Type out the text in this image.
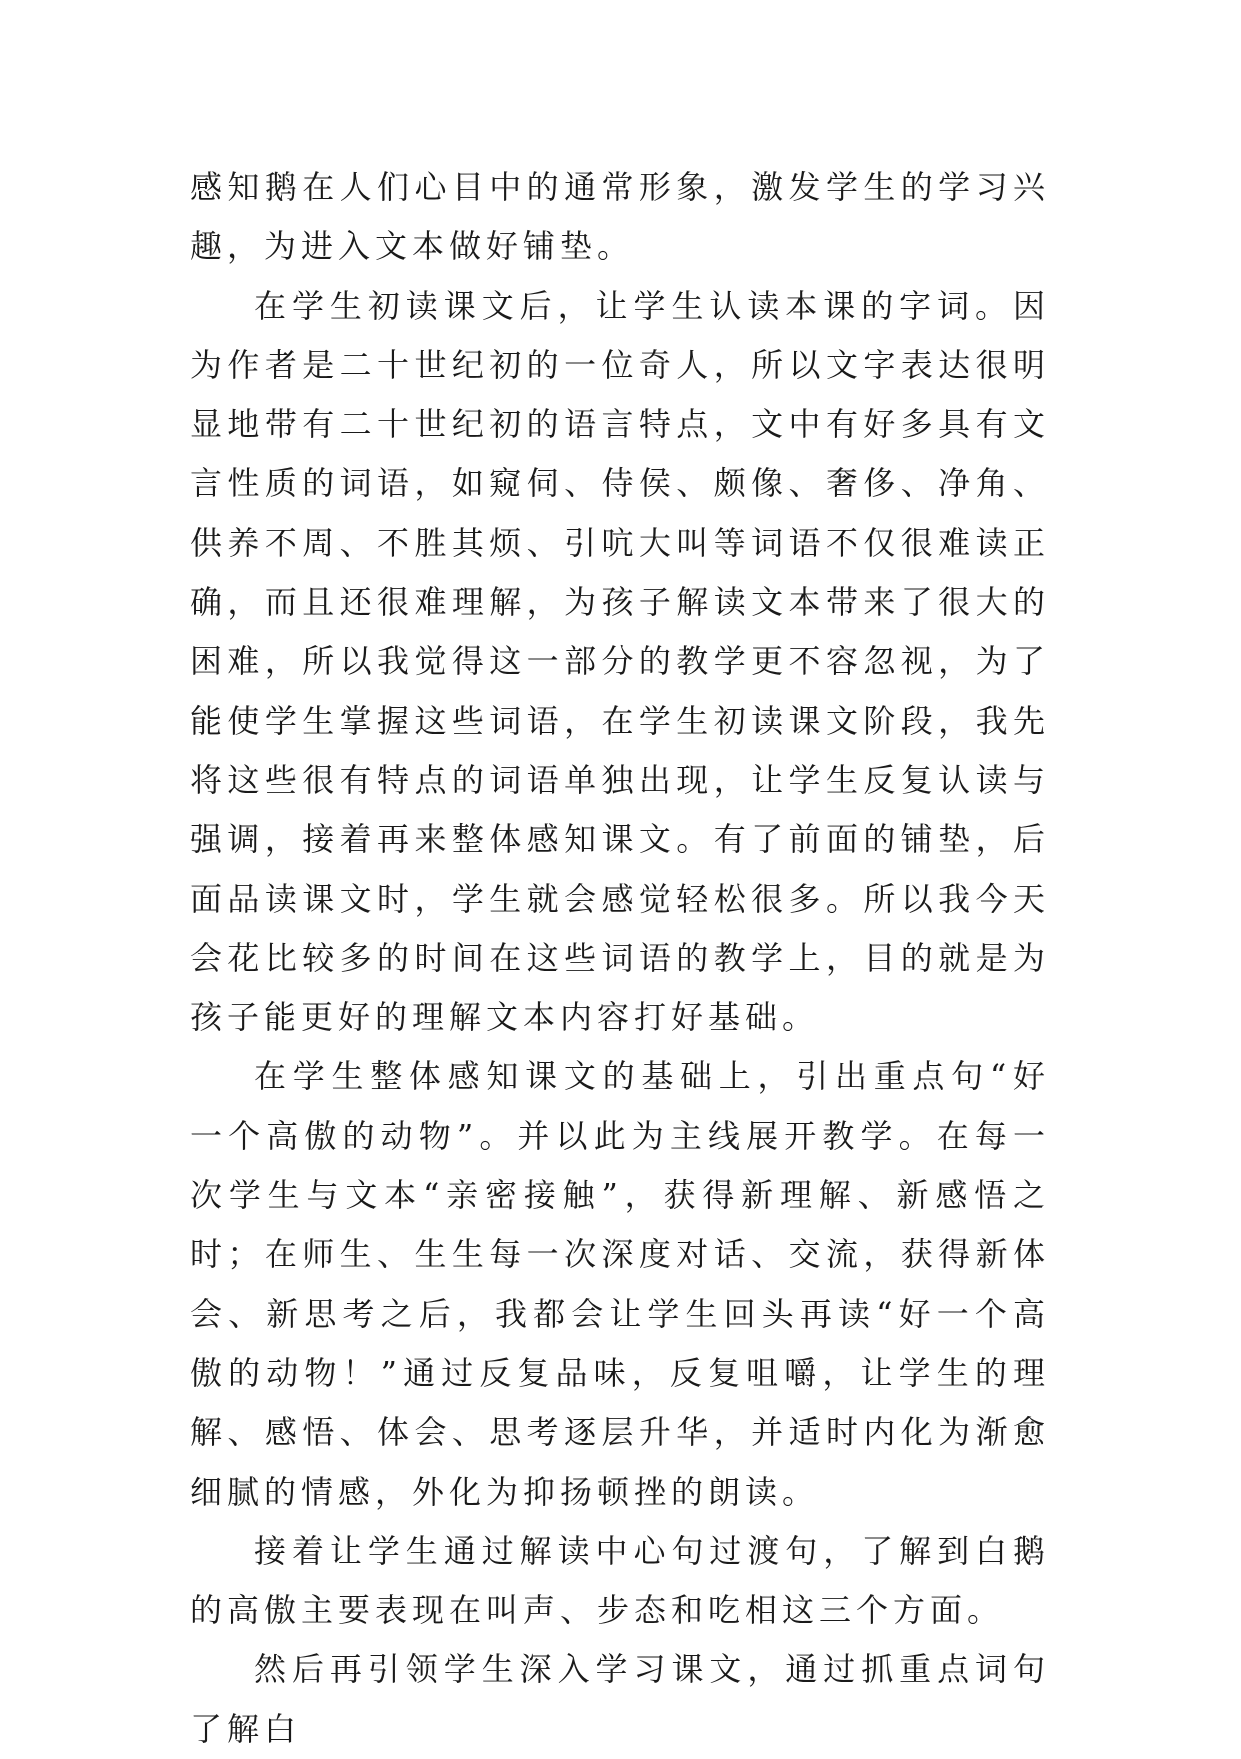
感知鹅在人们心目中的通常形象，激发学生的学习兴趣，为进入文本做好铺垫。

在学生初读课文后，让学生认读本课的字词。因为作者是二十世纪初的一位奇人，所以文字表达很明显地带有二十世纪初的语言特点，文中有好多具有文言性质的词语，如窥伺、侍侯、颇像、奢侈、净角、供养不周、不胜其烦、引吭大叫等词语不仅很难读正确，而且还很难理解，为孩子解读文本带来了很大的困难，所以我觉得这一部分的教学更不容忽视，为了能使学生掌握这些词语，在学生初读课文阶段，我先将这些很有特点的词语单独出现，让学生反复认读与强调，接着再来整体感知课文。有了前面的铺垫，后面品读课文时，学生就会感觉轻松很多。所以我今天会花比较多的时间在这些词语的教学上，目的就是为孩子能更好的理解文本内容打好基础。

在学生整体感知课文的基础上，引出重点句“好一个高傲的动物”。并以此为主线展开教学。在每一次学生与文本“亲密接触”，获得新理解、新感悟之时；在师生、生生每一次深度对话、交流，获得新体会、新思考之后，我都会让学生回头再读“好一个高傲的动物！”通过反复品味，反复咀嚼，让学生的理解、感悟、体会、思考逐层升华，并适时内化为渐愈细腻的情感，外化为抑扬顿挫的朗读。

接着让学生通过解读中心句过渡句，了解到白鹅的高傲主要表现在叫声、步态和吃相这三个方面。

然后再引领学生深入学习课文，通过抓重点词句了解白
